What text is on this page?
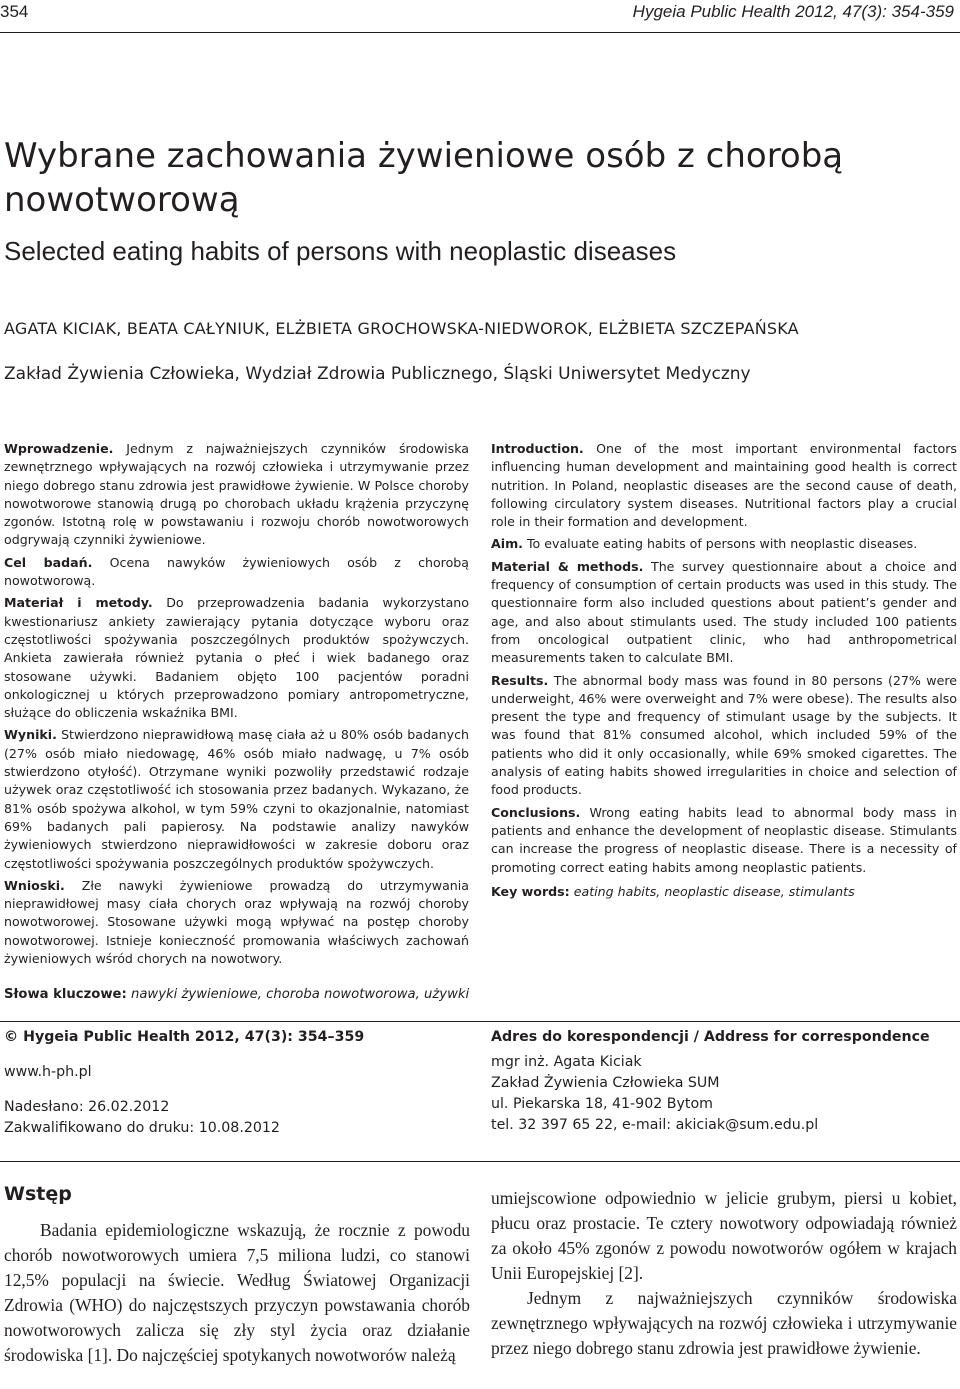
354	Hygeia Public Health 2012, 47(3): 354-359
Wybrane zachowania żywieniowe osób z chorobą nowotworową
Selected eating habits of persons with neoplastic diseases
AGATA KICIAK, BEATA CAŁYNIUK, ELŻBIETA GROCHOWSKA-NIEDWOROK, ELŻBIETA SZCZEPAŃSKA
Zakład Żywienia Człowieka, Wydział Zdrowia Publicznego, Śląski Uniwersytet Medyczny

Wprowadzenie. Jednym z najważniejszych czynników środowiska zewnętrznego wpływających na rozwój człowieka i utrzymywanie przez niego dobrego stanu zdrowia jest prawidłowe żywienie. W Polsce choroby nowotworowe stanowią drugą po chorobach układu krążenia przyczynę zgonów. Istotną rolę w powstawaniu i rozwoju chorób nowotworowych odgrywają czynniki żywieniowe.

Cel badań. Ocena nawyków żywieniowych osób z chorobą nowotworową.

Materiał i metody. Do przeprowadzenia badania wykorzystano kwestionariusz ankiety zawierający pytania dotyczące wyboru oraz częstotliwości spożywania poszczególnych produktów spożywczych. Ankieta zawierała również pytania o płeć i wiek badanego oraz stosowane używki. Badaniem objęto 100 pacjentów poradni onkologicznej u których przeprowadzono pomiary antropometryczne, służące do obliczenia wskaźnika BMI.

Wyniki. Stwierdzono nieprawidłową masę ciała aż u 80% osób badanych (27% osób miało niedowagę, 46% osób miało nadwagę, u 7% osób stwierdzono otyłość). Otrzymane wyniki pozwoliły przedstawić rodzaje używek oraz częstotliwość ich stosowania przez badanych. Wykazano, że 81% osób spożywa alkohol, w tym 59% czyni to okazjonalnie, natomiast 69% badanych pali papierosy. Na podstawie analizy nawyków żywieniowych stwierdzono nieprawidłowości w zakresie doboru oraz częstotliwości spożywania poszczególnych produktów spożywczych.

Wnioski. Złe nawyki żywieniowe prowadzą do utrzymywania nieprawidłowej masy ciała chorych oraz wpływają na rozwój choroby nowotworowej. Stosowane używki mogą wpływać na postęp choroby nowotworowej. Istnieje konieczność promowania właściwych zachowań żywieniowych wśród chorych na nowotwory.

Introduction. One of the most important environmental factors influencing human development and maintaining good health is correct nutrition. In Poland, neoplastic diseases are the second cause of death, following circulatory system diseases. Nutritional factors play a crucial role in their formation and development.

Aim. To evaluate eating habits of persons with neoplastic diseases.

Material & methods. The survey questionnaire about a choice and frequency of consumption of certain products was used in this study. The questionnaire form also included questions about patient’s gender and age, and also about stimulants used. The study included 100 patients from oncological outpatient clinic, who had anthropometrical measurements taken to calculate BMI.

Results. The abnormal body mass was found in 80 persons (27% were underweight, 46% were overweight and 7% were obese). The results also present the type and frequency of stimulant usage by the subjects. It was found that 81% consumed alcohol, which included 59% of the patients who did it only occasionally, while 69% smoked cigarettes. The analysis of eating habits showed irregularities in choice and selection of food products.

Conclusions. Wrong eating habits lead to abnormal body mass in patients and enhance the development of neoplastic disease. Stimulants can increase the progress of neoplastic disease. There is a necessity of promoting correct eating habits among neoplastic patients.

Key words: eating habits, neoplastic disease, stimulants

Słowa kluczowe: nawyki żywieniowe, choroba nowotworowa, używki
© Hygeia Public Health 2012, 47(3): 354–359
www.h-ph.pl
Nadesłano: 26.02.2012
Zakwalifikowano do druku: 10.08.2012
Adres do korespondencji / Address for correspondence
mgr inż. Agata Kiciak
Zakład Żywienia Człowieka SUM
ul. Piekarska 18, 41-902 Bytom
tel. 32 397 65 22, e-mail: akiciak@sum.edu.pl
Wstęp

Badania epidemiologiczne wskazują, że rocznie z powodu chorób nowotworowych umiera 7,5 miliona ludzi, co stanowi 12,5% populacji na świecie. Według Światowej Organizacji Zdrowia (WHO) do najczęstszych przyczyn powstawania chorób nowotworowych zalicza się zły styl życia oraz działanie środowiska [1]. Do najczęściej spotykanych nowotworów należą

umiejscowione odpowiednio w jelicie grubym, piersi u kobiet, płucu oraz prostacie. Te cztery nowotwory odpowiadają również za około 45% zgonów z powodu nowotworów ogółem w krajach Unii Europejskiej [2].

Jednym z najważniejszych czynników środowiska zewnętrznego wpływających na rozwój człowieka i utrzymywanie przez niego dobrego stanu zdrowia jest prawidłowe żywienie.
